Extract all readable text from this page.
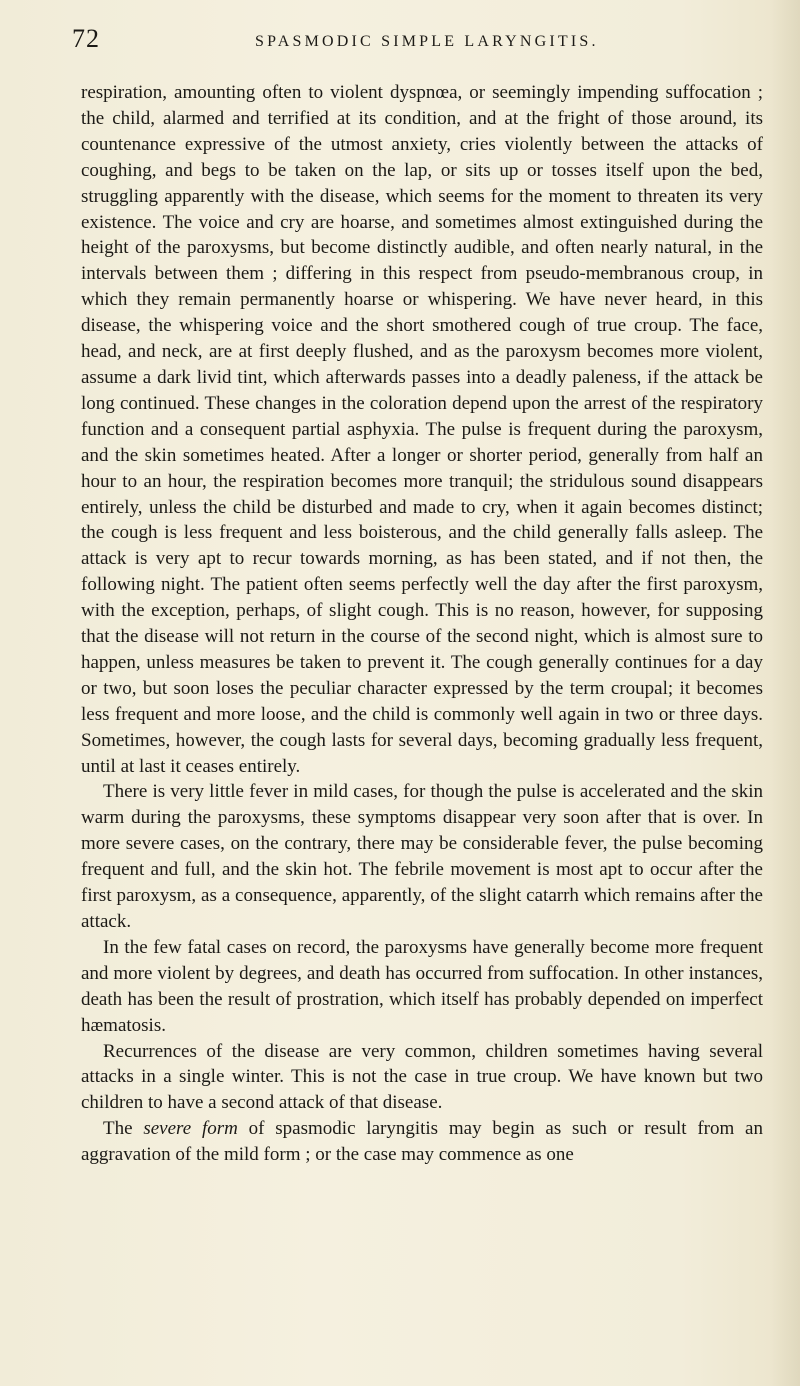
72	SPASMODIC SIMPLE LARYNGITIS.

respiration, amounting often to violent dyspnœa, or seemingly impending suffocation ; the child, alarmed and terrified at its condition, and at the fright of those around, its countenance expressive of the utmost anxiety, cries violently between the attacks of coughing, and begs to be taken on the lap, or sits up or tosses itself upon the bed, struggling apparently with the disease, which seems for the moment to threaten its very existence. The voice and cry are hoarse, and sometimes almost extinguished during the height of the paroxysms, but become distinctly audible, and often nearly natural, in the intervals between them ; differing in this respect from pseudo-membranous croup, in which they remain permanently hoarse or whispering. We have never heard, in this disease, the whispering voice and the short smothered cough of true croup. The face, head, and neck, are at first deeply flushed, and as the paroxysm becomes more violent, assume a dark livid tint, which afterwards passes into a deadly paleness, if the attack be long continued. These changes in the coloration depend upon the arrest of the respiratory function and a consequent partial asphyxia. The pulse is frequent during the paroxysm, and the skin sometimes heated. After a longer or shorter period, generally from half an hour to an hour, the respiration becomes more tranquil; the stridulous sound disappears entirely, unless the child be disturbed and made to cry, when it again becomes distinct; the cough is less frequent and less boisterous, and the child generally falls asleep. The attack is very apt to recur towards morning, as has been stated, and if not then, the following night. The patient often seems perfectly well the day after the first paroxysm, with the exception, perhaps, of slight cough. This is no reason, however, for supposing that the disease will not return in the course of the second night, which is almost sure to happen, unless measures be taken to prevent it. The cough generally continues for a day or two, but soon loses the peculiar character expressed by the term croupal; it becomes less frequent and more loose, and the child is commonly well again in two or three days. Sometimes, however, the cough lasts for several days, becoming gradually less frequent, until at last it ceases entirely.

There is very little fever in mild cases, for though the pulse is accelerated and the skin warm during the paroxysms, these symptoms disappear very soon after that is over. In more severe cases, on the contrary, there may be considerable fever, the pulse becoming frequent and full, and the skin hot. The febrile movement is most apt to occur after the first paroxysm, as a consequence, apparently, of the slight catarrh which remains after the attack.

In the few fatal cases on record, the paroxysms have generally become more frequent and more violent by degrees, and death has occurred from suffocation. In other instances, death has been the result of prostration, which itself has probably depended on imperfect hæmatosis.

Recurrences of the disease are very common, children sometimes having several attacks in a single winter. This is not the case in true croup. We have known but two children to have a second attack of that disease.

The severe form of spasmodic laryngitis may begin as such or result from an aggravation of the mild form ; or the case may commence as one
